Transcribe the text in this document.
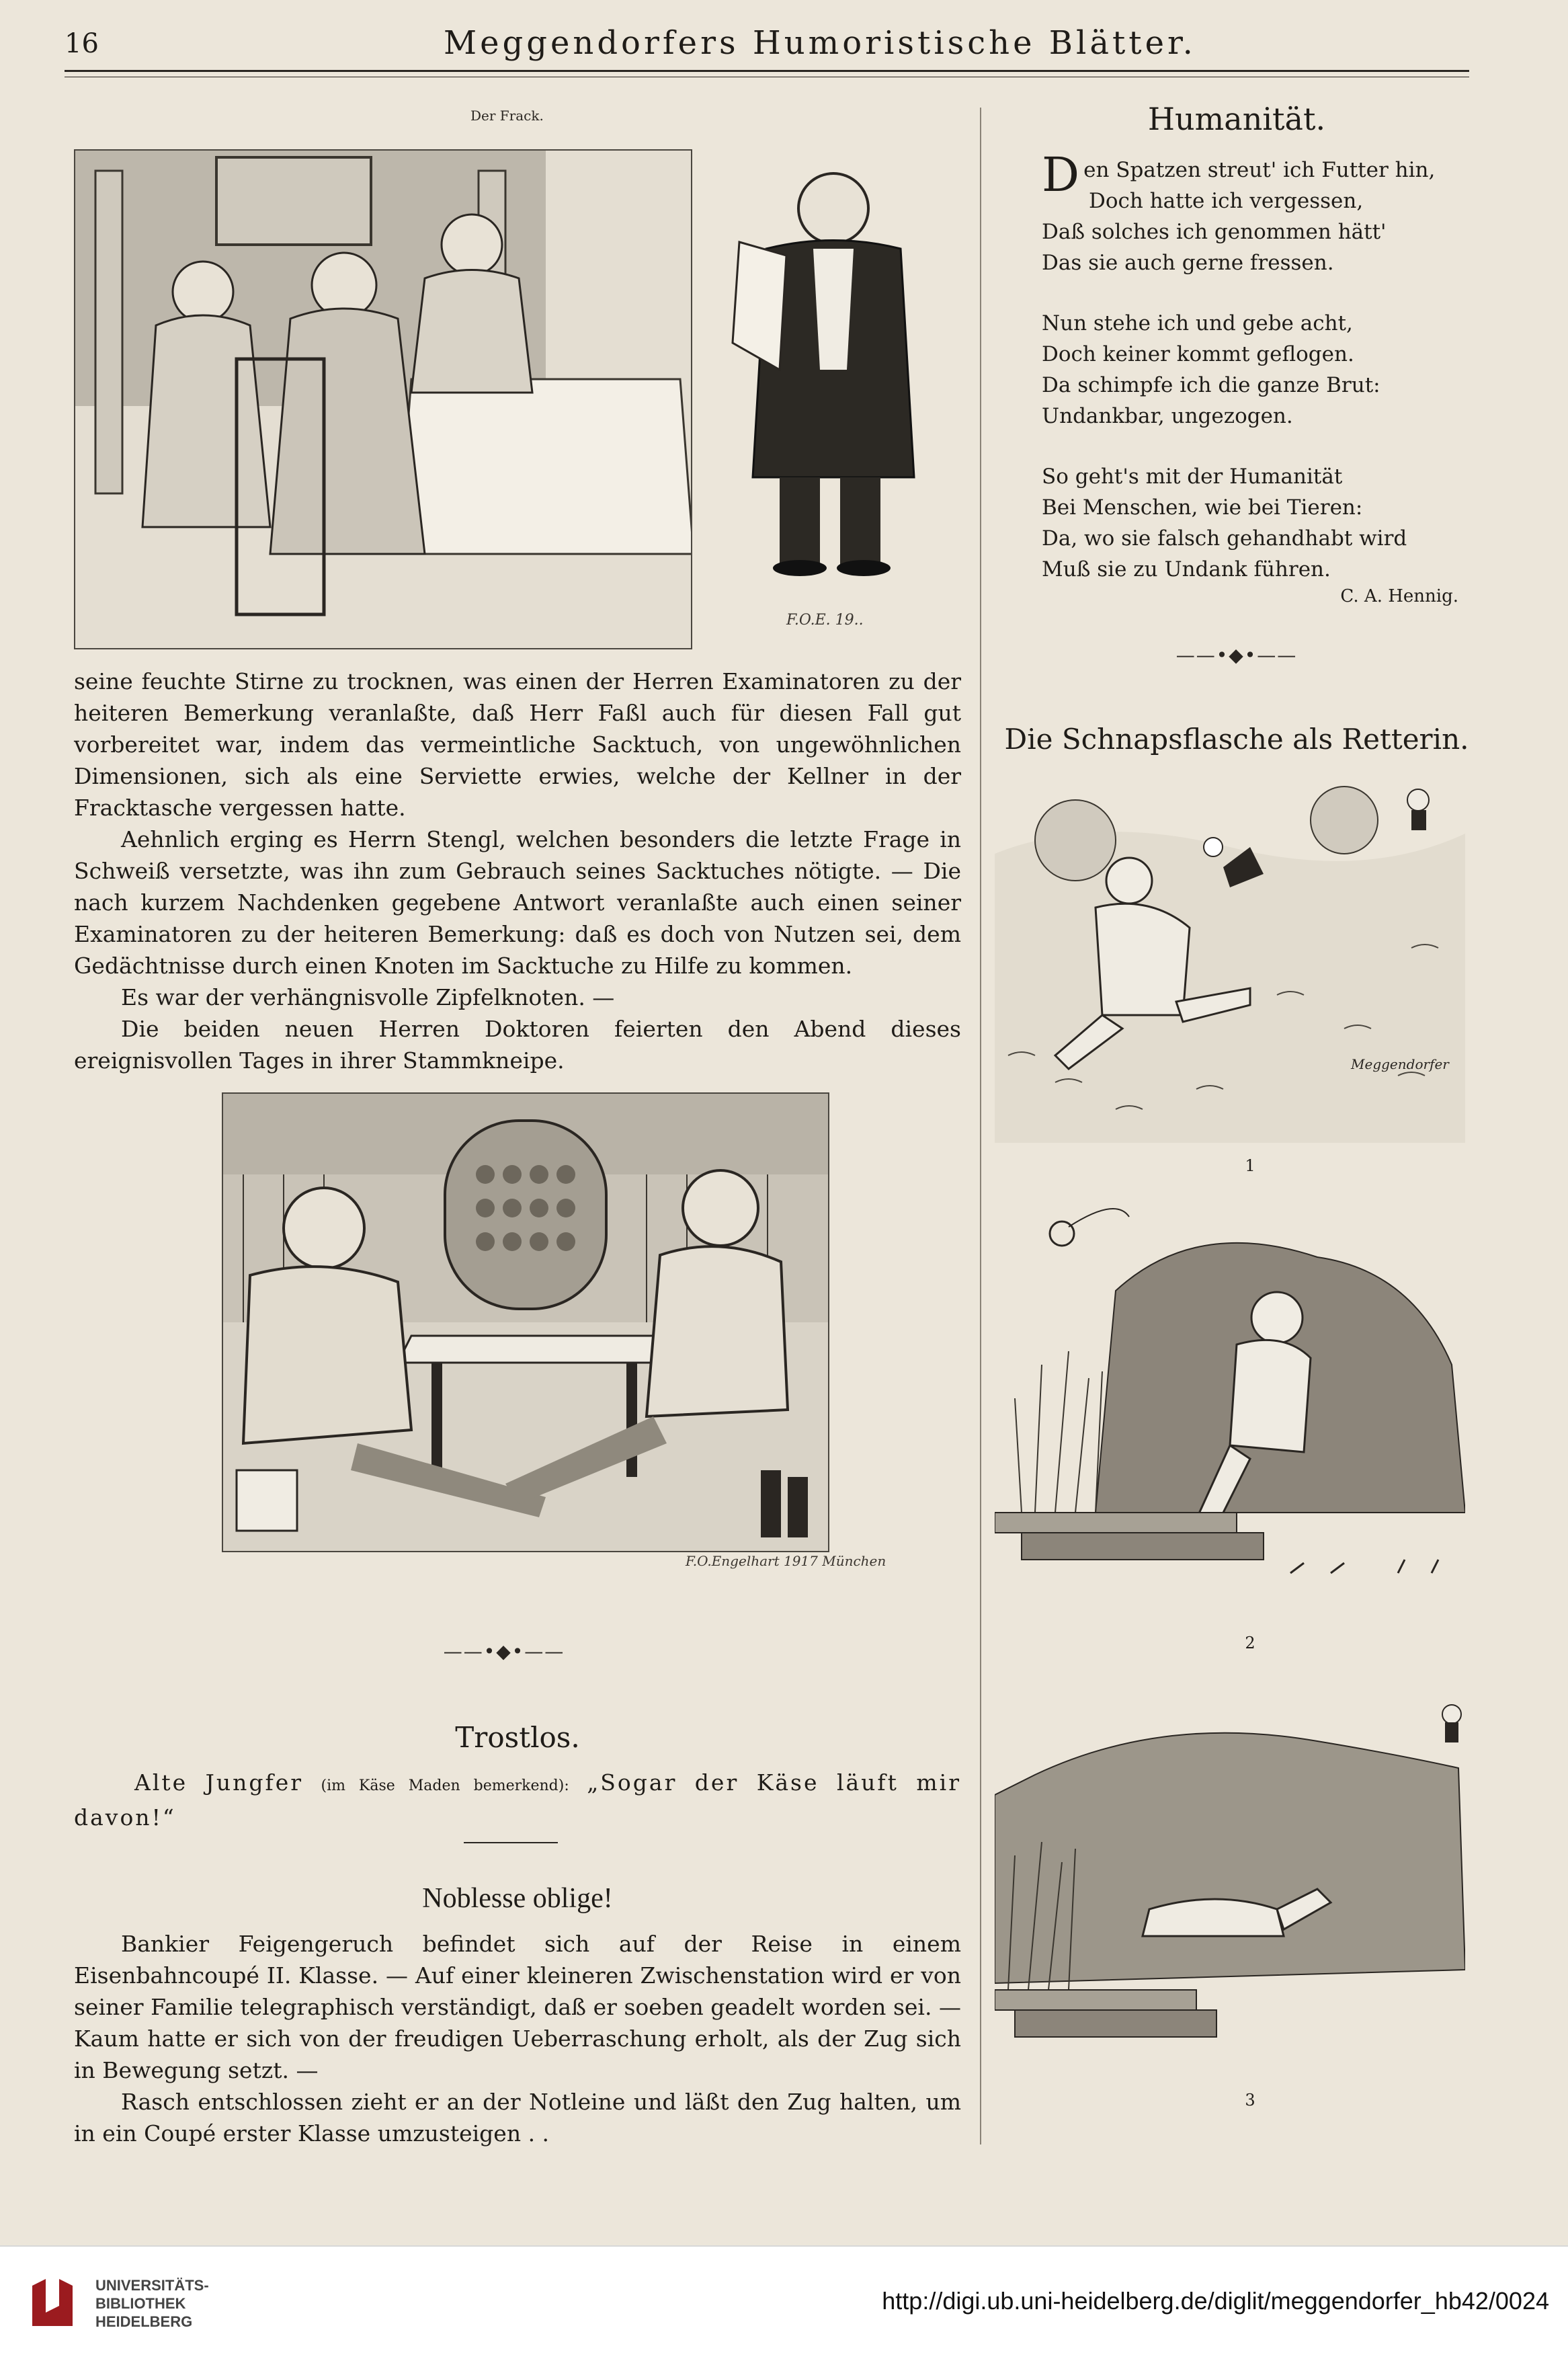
16	Meggendorfers Humoristische Blätter.
Der Frack.
F.O.E. 19..

seine feuchte Stirne zu trocknen, was einen der Herren Examinatoren zu der heiteren Bemerkung veranlaßte, daß Herr Faßl auch für diesen Fall gut vorbereitet war, indem das vermeintliche Sacktuch, von ungewöhnlichen Dimensionen, sich als eine Serviette erwies, welche der Kellner in der Fracktasche vergessen hatte.

Aehnlich erging es Herrn Stengl, welchen besonders die letzte Frage in Schweiß versetzte, was ihn zum Gebrauch seines Sacktuches nötigte. — Die nach kurzem Nachdenken gegebene Antwort veranlaßte auch einen seiner Examinatoren zu der heiteren Bemerkung: daß es doch von Nutzen sei, dem Gedächtnisse durch einen Knoten im Sacktuche zu Hilfe zu kommen.

Es war der verhängnisvolle Zipfelknoten. —

Die beiden neuen Herren Doktoren feierten den Abend dieses ereignisvollen Tages in ihrer Stammkneipe.

F.O.Engelhart 1917 München
——•◆•——
Trostlos.
Alte Jungfer (im Käse Maden bemerkend): „Sogar der Käse läuft mir davon!“
Noblesse oblige!

Bankier Feigengeruch befindet sich auf der Reise in einem Eisenbahncoupé II. Klasse. — Auf einer kleineren Zwischenstation wird er von seiner Familie telegraphisch verständigt, daß er soeben geadelt worden sei. — Kaum hatte er sich von der freudigen Ueberraschung erholt, als der Zug sich in Bewegung setzt. —

Rasch entschlossen zieht er an der Notleine und läßt den Zug halten, um in ein Coupé erster Klasse umzusteigen . .

Humanität.
D en Spatzen streut' ich Futter hin,
Doch hatte ich vergessen,
Daß solches ich genommen hätt'
Das sie auch gerne fressen.
Nun stehe ich und gebe acht,
Doch keiner kommt geflogen.
Da schimpfe ich die ganze Brut:
Undankbar, ungezogen.
So geht's mit der Humanität
Bei Menschen, wie bei Tieren:
Da, wo sie falsch gehandhabt wird
Muß sie zu Undank führen.
C. A. Hennig.
——•◆•——
Die Schnapsflasche als Retterin.
Meggendorfer
1
2
3
UNIVERSITÄTS-
BIBLIOTHEK
HEIDELBERG
http://digi.ub.uni-heidelberg.de/diglit/meggendorfer_hb42/0024
